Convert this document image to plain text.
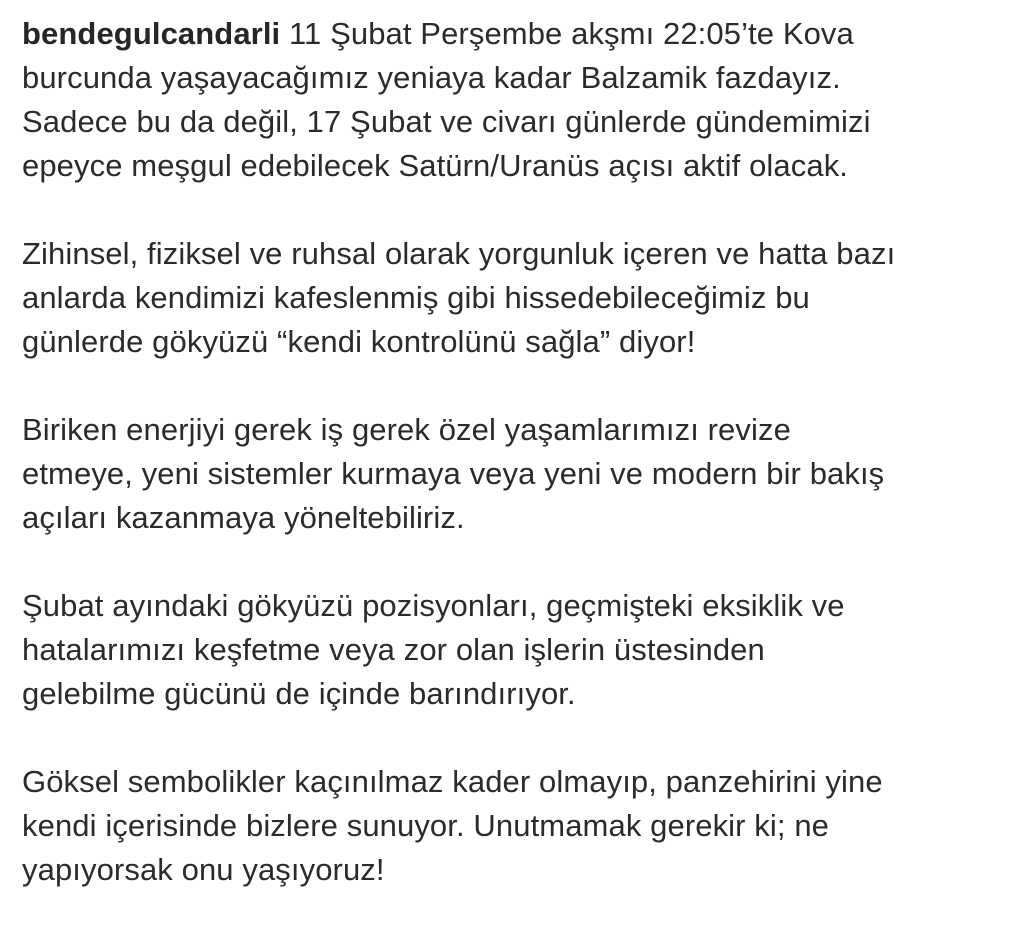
bendegulcandarli 11 Şubat Perşembe akşmı 22:05’te Kova
burcunda yaşayacağımız yeniaya kadar Balzamik fazdayız.
Sadece bu da değil, 17 Şubat ve civarı günlerde gündemimizi
epeyce meşgul edebilecek Satürn/Uranüs açısı aktif olacak.
Zihinsel, fiziksel ve ruhsal olarak yorgunluk içeren ve hatta bazı
anlarda kendimizi kafeslenmiş gibi hissedebileceğimiz bu
günlerde gökyüzü “kendi kontrolünü sağla” diyor!
Biriken enerjiyi gerek iş gerek özel yaşamlarımızı revize
etmeye, yeni sistemler kurmaya veya yeni ve modern bir bakış
açıları kazanmaya yöneltebiliriz.
Şubat ayındaki gökyüzü pozisyonları, geçmişteki eksiklik ve
hatalarımızı keşfetme veya zor olan işlerin üstesinden
gelebilme gücünü de içinde barındırıyor.
Göksel sembolikler kaçınılmaz kader olmayıp, panzehirini yine
kendi içerisinde bizlere sunuyor. Unutmamak gerekir ki; ne
yapıyorsak onu yaşıyoruz!
